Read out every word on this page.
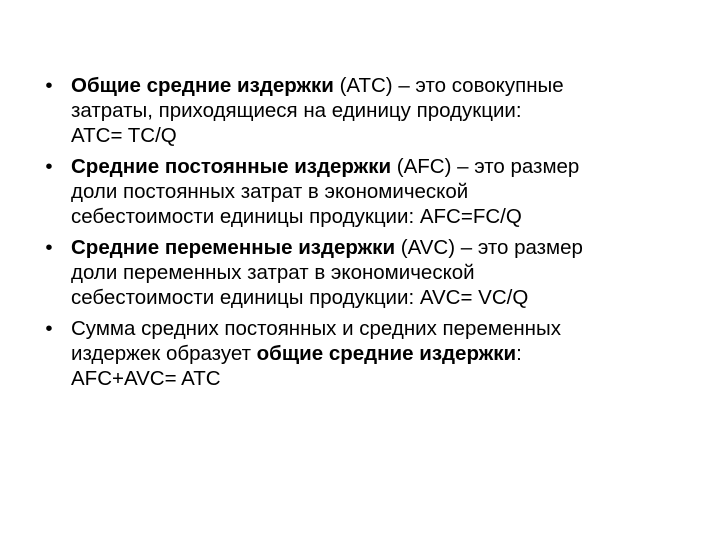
• Общие средние издержки (АТС) – это совокупные
затраты, приходящиеся на единицу продукции:
ATC= TC/Q
• Средние постоянные издержки (AFC) – это размер
доли постоянных затрат в экономической
себестоимости единицы продукции: AFC=FC/Q
• Средние переменные издержки (AVC) – это размер
доли переменных затрат в экономической
себестоимости единицы продукции: AVC= VC/Q
• Сумма средних постоянных и средних переменных
издержек образует общие средние издержки:
AFC+AVC= ATC
